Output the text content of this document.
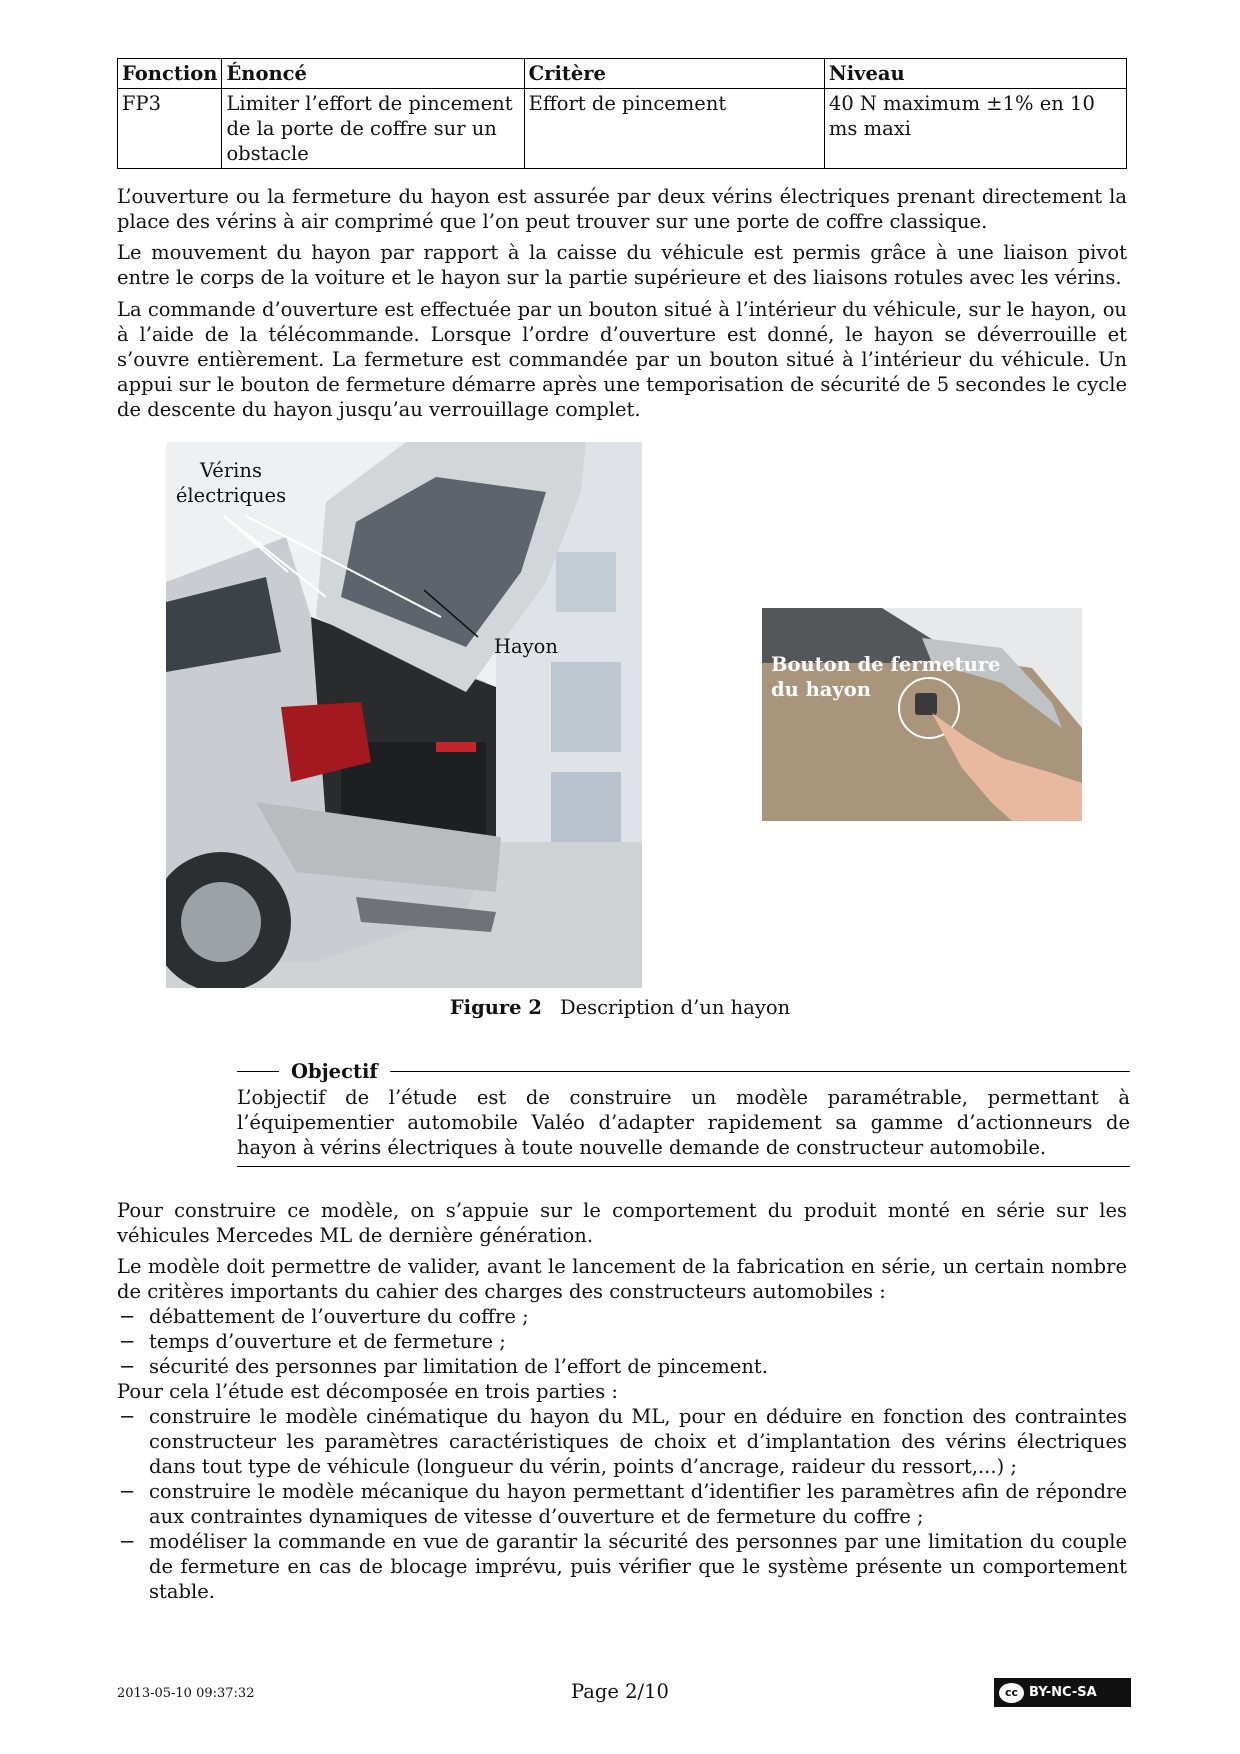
Fonction	Énoncé	Critère	Niveau
FP3	Limiter l’effort de pincement de la porte de coffre sur un obstacle	Effort de pincement	40 N maximum ±1% en 10 ms maxi

L’ouverture ou la fermeture du hayon est assurée par deux vérins électriques prenant directement la place des vérins à air comprimé que l’on peut trouver sur une porte de coffre classique.

Le mouvement du hayon par rapport à la caisse du véhicule est permis grâce à une liaison pivot entre le corps de la voiture et le hayon sur la partie supérieure et des liaisons rotules avec les vérins.

La commande d’ouverture est effectuée par un bouton situé à l’intérieur du véhicule, sur le hayon, ou à l’aide de la télécommande. Lorsque l’ordre d’ouverture est donné, le hayon se déverrouille et s’ouvre entièrement. La fermeture est commandée par un bouton situé à l’intérieur du véhicule. Un appui sur le bouton de fermeture démarre après une temporisation de sécurité de 5 secondes le cycle de descente du hayon jusqu’au verrouillage complet.

Vérins
électriques
Hayon
Bouton de fermeture
du hayon
Figure 2 Description d’un hayon
Objectif

L’objectif de l’étude est de construire un modèle paramétrable, permettant à l’équipementier automobile Valéo d’adapter rapidement sa gamme d’actionneurs de hayon à vérins électriques à toute nouvelle demande de constructeur automobile.

Pour construire ce modèle, on s’appuie sur le comportement du produit monté en série sur les véhicules Mercedes ML de dernière génération.

Le modèle doit permettre de valider, avant le lancement de la fabrication en série, un certain nombre de critères importants du cahier des charges des constructeurs automobiles :

− débattement de l’ouverture du coffre ;
− temps d’ouverture et de fermeture ;
− sécurité des personnes par limitation de l’effort de pincement.

Pour cela l’étude est décomposée en trois parties :

− construire le modèle cinématique du hayon du ML, pour en déduire en fonction des contraintes constructeur les paramètres caractéristiques de choix et d’implantation des vérins électriques dans tout type de véhicule (longueur du vérin, points d’ancrage, raideur du ressort,...) ;
− construire le modèle mécanique du hayon permettant d’identifier les paramètres afin de répondre aux contraintes dynamiques de vitesse d’ouverture et de fermeture du coffre ;
− modéliser la commande en vue de garantir la sécurité des personnes par une limitation du couple de fermeture en cas de blocage imprévu, puis vérifier que le système présente un comportement stable.
2013-05-10 09:37:32	Page 2/10	cc BY-NC-SA
